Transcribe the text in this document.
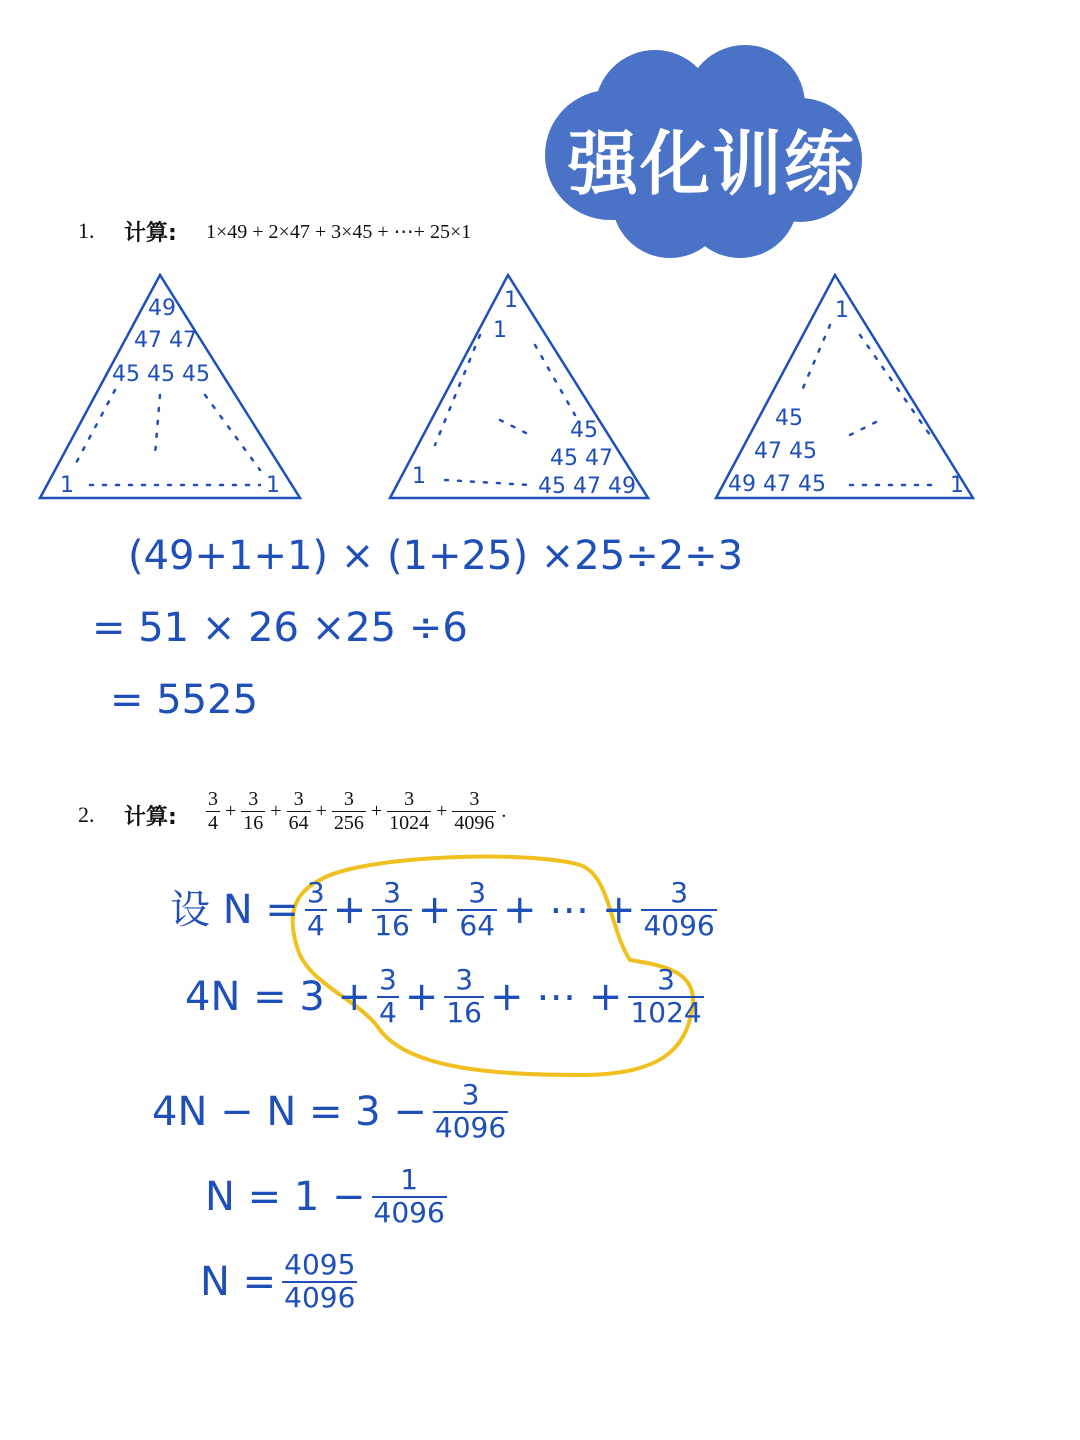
强化训练
1. 计算: 1×49 + 2×47 + 3×45 + ⋯+ 25×1
49
47 47
45 45 45
1	1
1
1
45
45 47
45 47 49
1
1
45
47 45
49 47 45	1
(49+1+1) × (1+25) ×25÷2÷3
= 51 × 26 ×25 ÷6
= 5525
2. 计算: $\frac{3}{4} + \frac{3}{16} + \frac{3}{64} + \frac{3}{256} + \frac{3}{1024} + \frac{3}{4096}$ .
设 $N = \frac{3}{4} + \frac{3}{16} + \frac{3}{64}$ + ⋯ + $\frac{3}{4096}$
$4N = 3 + \frac{3}{4} + \frac{3}{16}$ + ⋯ + $\frac{3}{1024}$
$4N - N = 3 - \frac{3}{4096}$
$N = 1 - \frac{1}{4096}$
$N = \frac{4095}{4096}$
